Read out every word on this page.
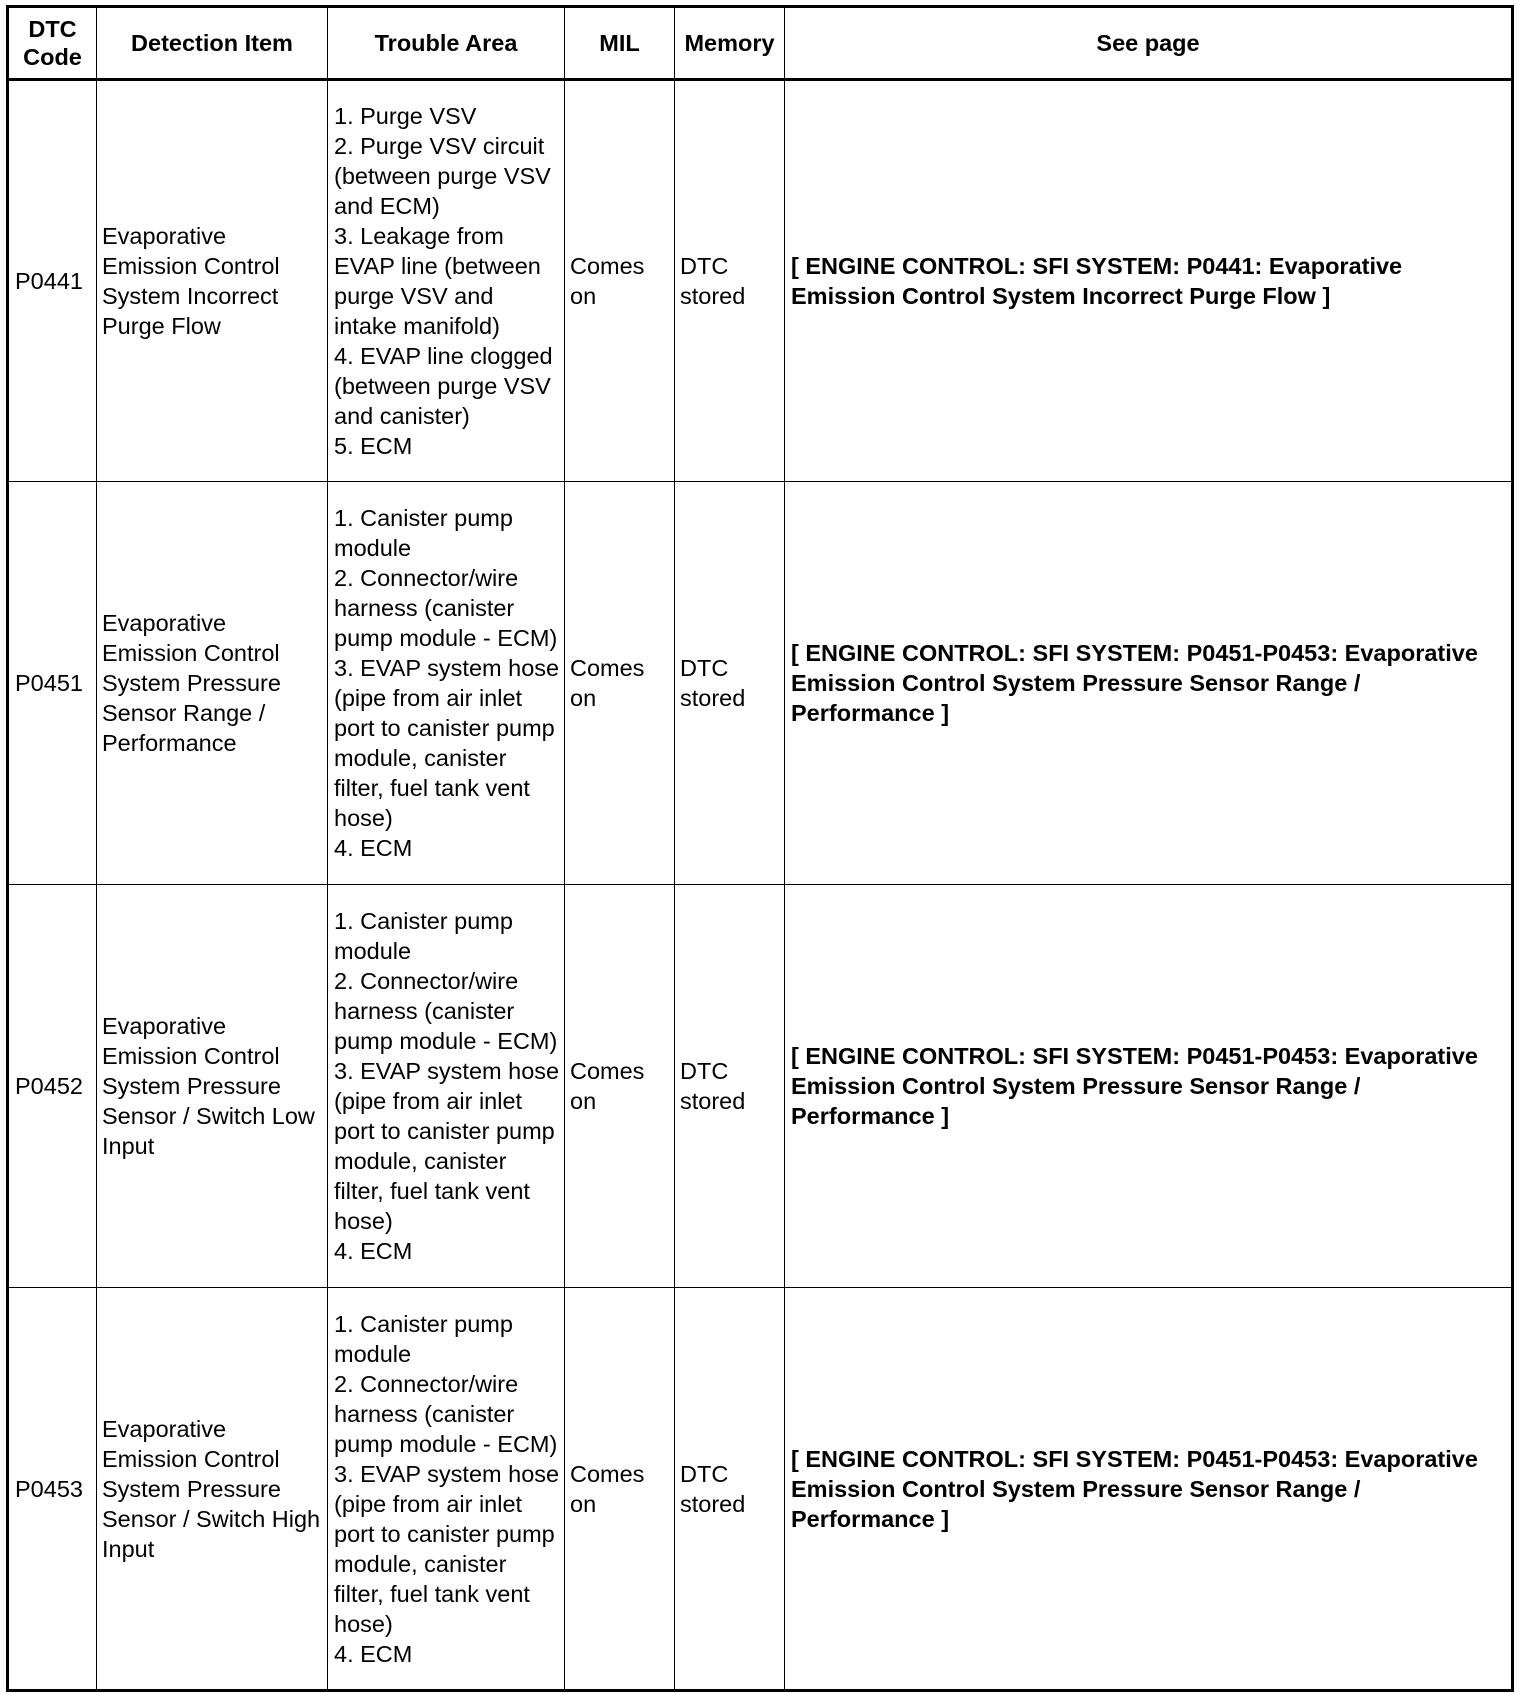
DTC
Code	Detection Item	Trouble Area	MIL	Memory	See page
P0441	Evaporative Emission Control System Incorrect Purge Flow	1. Purge VSV
2. Purge VSV circuit (between purge VSV and ECM)
3. Leakage from EVAP line (between purge VSV and intake manifold)
4. EVAP line clogged (between purge VSV and canister)
5. ECM	Comes on	DTC stored	[ ENGINE CONTROL: SFI SYSTEM: P0441: Evaporative Emission Control System Incorrect Purge Flow ]
P0451	Evaporative Emission Control System Pressure Sensor Range / Performance	1. Canister pump module
2. Connector/wire harness (canister pump module - ECM)
3. EVAP system hose (pipe from air inlet port to canister pump module, canister filter, fuel tank vent hose)
4. ECM	Comes on	DTC stored	[ ENGINE CONTROL: SFI SYSTEM: P0451-P0453: Evaporative Emission Control System Pressure Sensor Range / Performance ]
P0452	Evaporative Emission Control System Pressure Sensor / Switch Low Input	1. Canister pump module
2. Connector/wire harness (canister pump module - ECM)
3. EVAP system hose (pipe from air inlet port to canister pump module, canister filter, fuel tank vent hose)
4. ECM	Comes on	DTC stored	[ ENGINE CONTROL: SFI SYSTEM: P0451-P0453: Evaporative Emission Control System Pressure Sensor Range / Performance ]
P0453	Evaporative Emission Control System Pressure Sensor / Switch High Input	1. Canister pump module
2. Connector/wire harness (canister pump module - ECM)
3. EVAP system hose (pipe from air inlet port to canister pump module, canister filter, fuel tank vent hose)
4. ECM	Comes on	DTC stored	[ ENGINE CONTROL: SFI SYSTEM: P0451-P0453: Evaporative Emission Control System Pressure Sensor Range / Performance ]
